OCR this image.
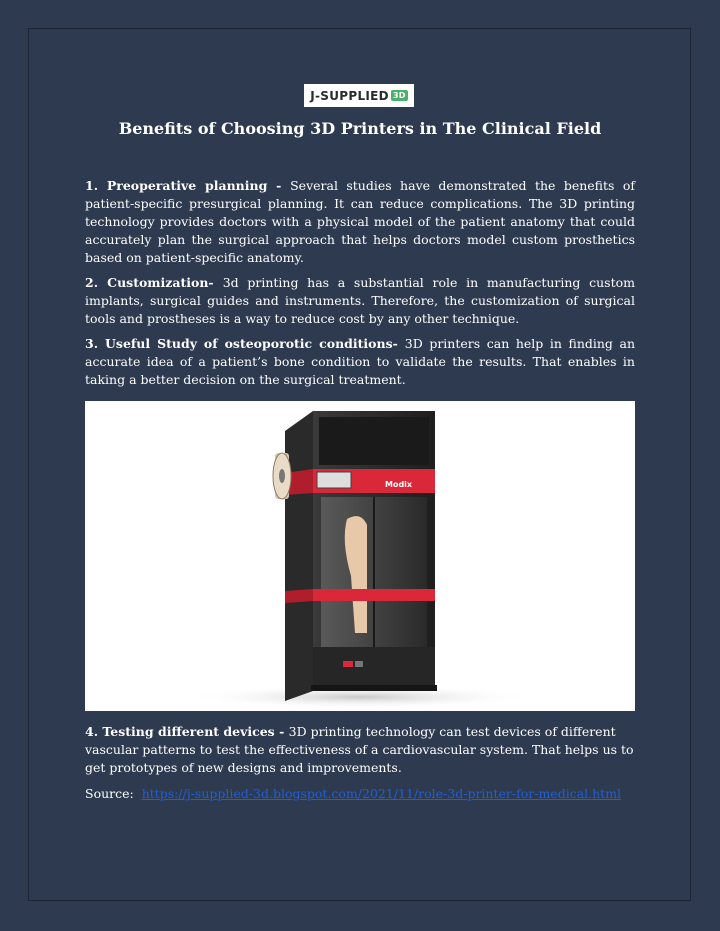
J-SUPPLIED 3D
Benefits of Choosing 3D Printers in The Clinical Field

1. Preoperative planning - Several studies have demonstrated the benefits of patient-specific presurgical planning. It can reduce complications. The 3D printing technology provides doctors with a physical model of the patient anatomy that could accurately plan the surgical approach that helps doctors model custom prosthetics based on patient-specific anatomy.

2. Customization- 3d printing has a substantial role in manufacturing custom implants, surgical guides and instruments. Therefore, the customization of surgical tools and prostheses is a way to reduce cost by any other technique.

3. Useful Study of osteoporotic conditions- 3D printers can help in finding an accurate idea of a patient’s bone condition to validate the results. That enables in taking a better decision on the surgical treatment.

Modix

4. Testing different devices - 3D printing technology can test devices of different vascular patterns to test the effectiveness of a cardiovascular system. That helps us to get prototypes of new designs and improvements.

Source: https://j-supplied-3d.blogspot.com/2021/11/role-3d-printer-for-medical.html
